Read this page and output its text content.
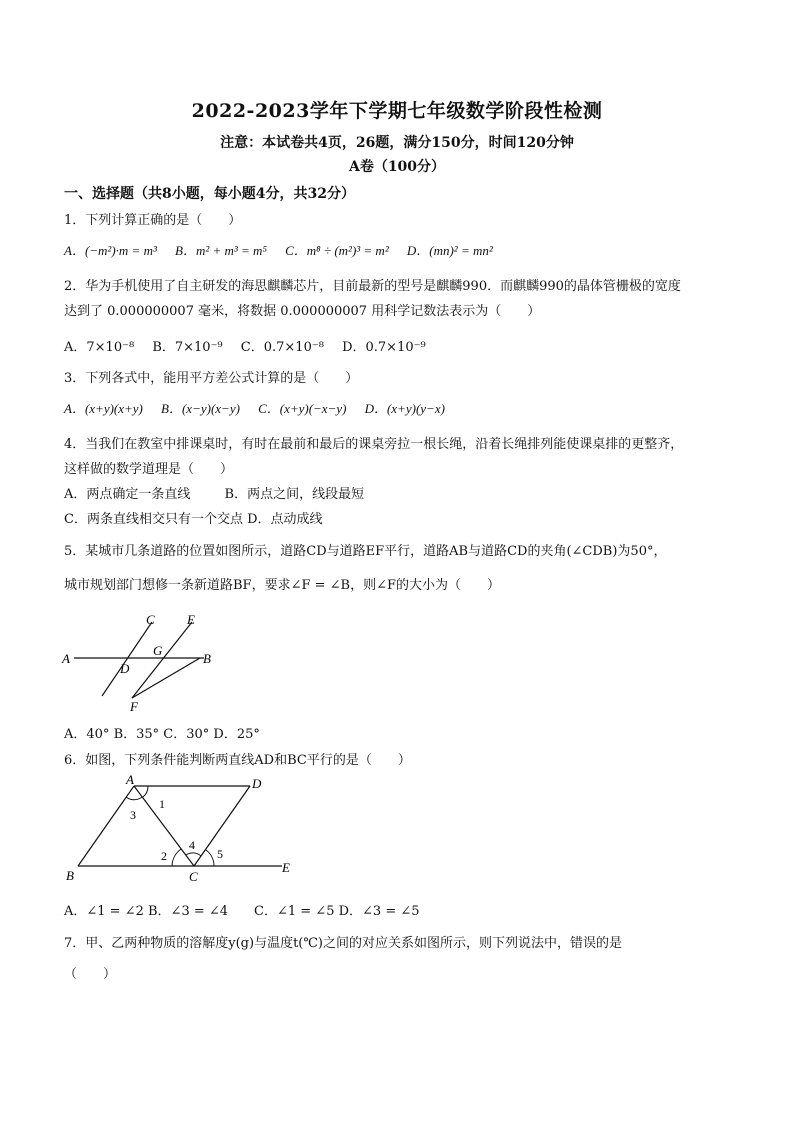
2022-2023学年下学期七年级数学阶段性检测
注意：本试卷共4页，26题，满分150分，时间120分钟
A卷（100分）
一、选择题（共8小题，每小题4分，共32分）
1．下列计算正确的是（　　）
A．(−m²)·m = m³ B．m² + m³ = m⁵ C．m⁸ ÷ (m²)³ = m² D．(mn)² = mn²
2．华为手机使用了自主研发的海思麒麟芯片，目前最新的型号是麒麟990．而麒麟990的晶体管栅极的宽度
达到了 0.000000007 毫米，将数据 0.000000007 用科学记数法表示为（　　）
A．7×10⁻⁸ B．7×10⁻⁹ C．0.7×10⁻⁸ D．0.7×10⁻⁹
3．下列各式中，能用平方差公式计算的是（　　）
A．(x+y)(x+y) B．(x−y)(x−y) C．(x+y)(−x−y) D．(x+y)(y−x)
4．当我们在教室中排课桌时，有时在最前和最后的课桌旁拉一根长绳，沿着长绳排列能使课桌排的更整齐，
这样做的数学道理是（　　）
A．两点确定一条直线	B．两点之间，线段最短
C．两条直线相交只有一个交点 D．点动成线
5．某城市几条道路的位置如图所示，道路CD与道路EF平行，道路AB与道路CD的夹角(∠CDB)为50°，
城市规划部门想修一条新道路BF，要求∠F = ∠B，则∠F的大小为（　　）
C E
A
G
B
D
F
A．40° B．35° C．30° D．25°
6．如图，下列条件能判断两直线AD和BC平行的是（　　）
A	D
B	C
E
1
3
2
4
5
A．∠1 = ∠2 B．∠3 = ∠4　　C．∠1 = ∠5 D．∠3 = ∠5
7．甲、乙两种物质的溶解度y(g)与温度t(℃)之间的对应关系如图所示，则下列说法中，错误的是
（　　）
